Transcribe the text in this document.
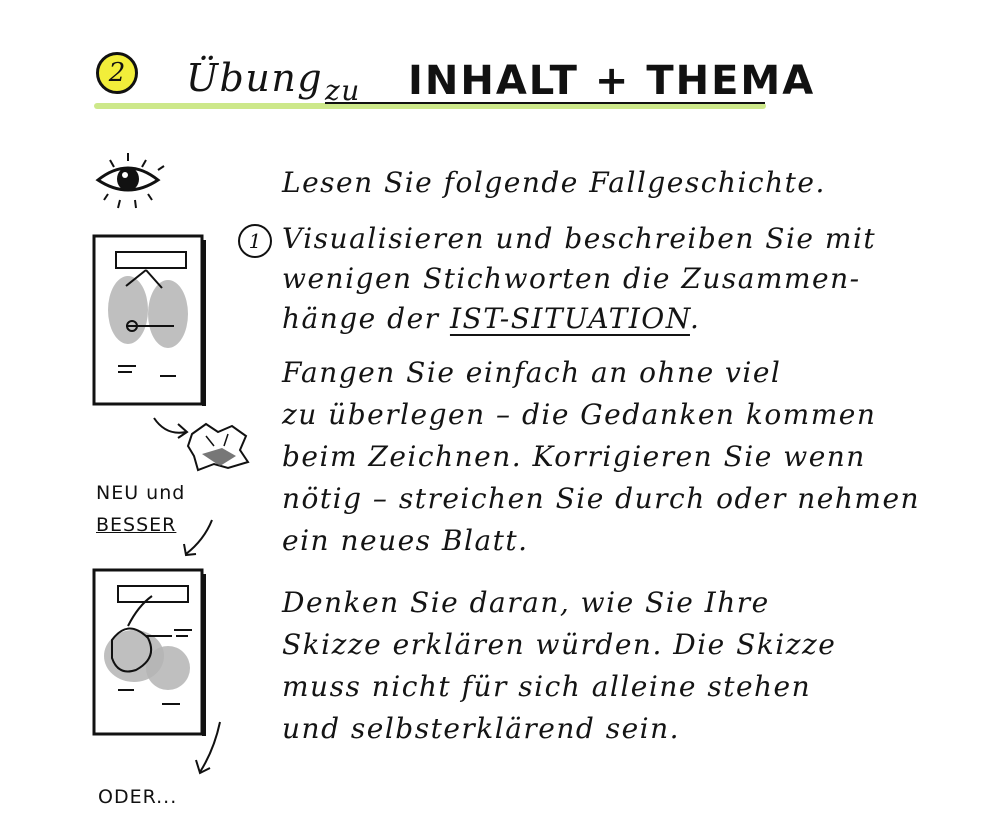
2 Übung zu INHALT + THEMA
NEU und
BESSER
ODER...
Lesen Sie folgende Fallgeschichte.
1 Visualisieren und beschreiben Sie mit
wenigen Stichworten die Zusammen-
hänge der IST-SITUATION.
Fangen Sie einfach an ohne viel
zu überlegen – die Gedanken kommen
beim Zeichnen. Korrigieren Sie wenn
nötig – streichen Sie durch oder nehmen
ein neues Blatt.
Denken Sie daran, wie Sie Ihre
Skizze erklären würden. Die Skizze
muss nicht für sich alleine stehen
und selbsterklärend sein.
